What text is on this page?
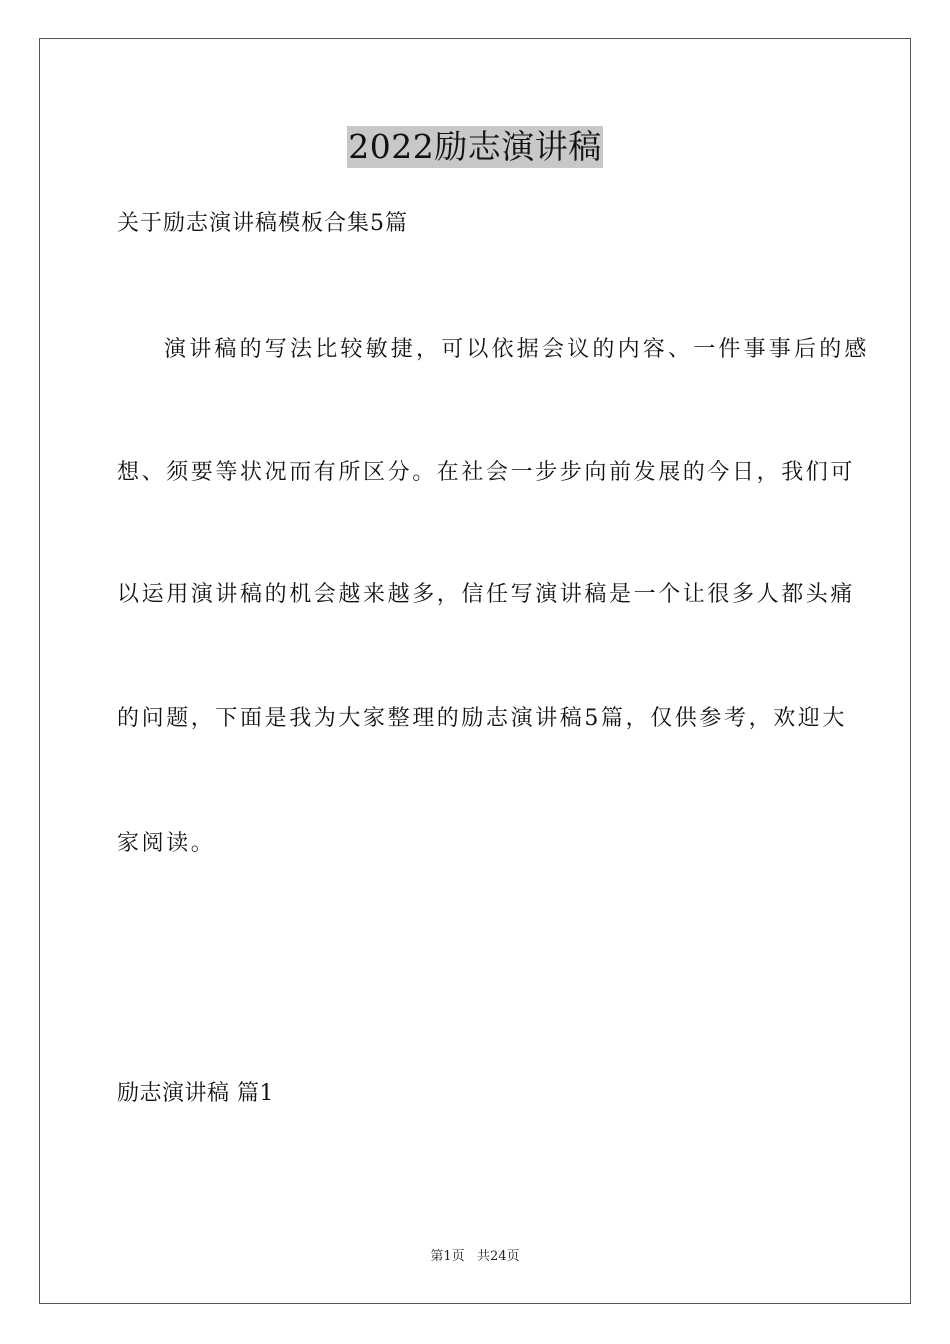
2022励志演讲稿
关于励志演讲稿模板合集5篇
演讲稿的写法比较敏捷，可以依据会议的内容、一件事事后的感
想、须要等状况而有所区分。在社会一步步向前发展的今日，我们可
以运用演讲稿的机会越来越多，信任写演讲稿是一个让很多人都头痛
的问题，下面是我为大家整理的励志演讲稿5篇，仅供参考，欢迎大
家阅读。
励志演讲稿 篇1
第1页   共24页
